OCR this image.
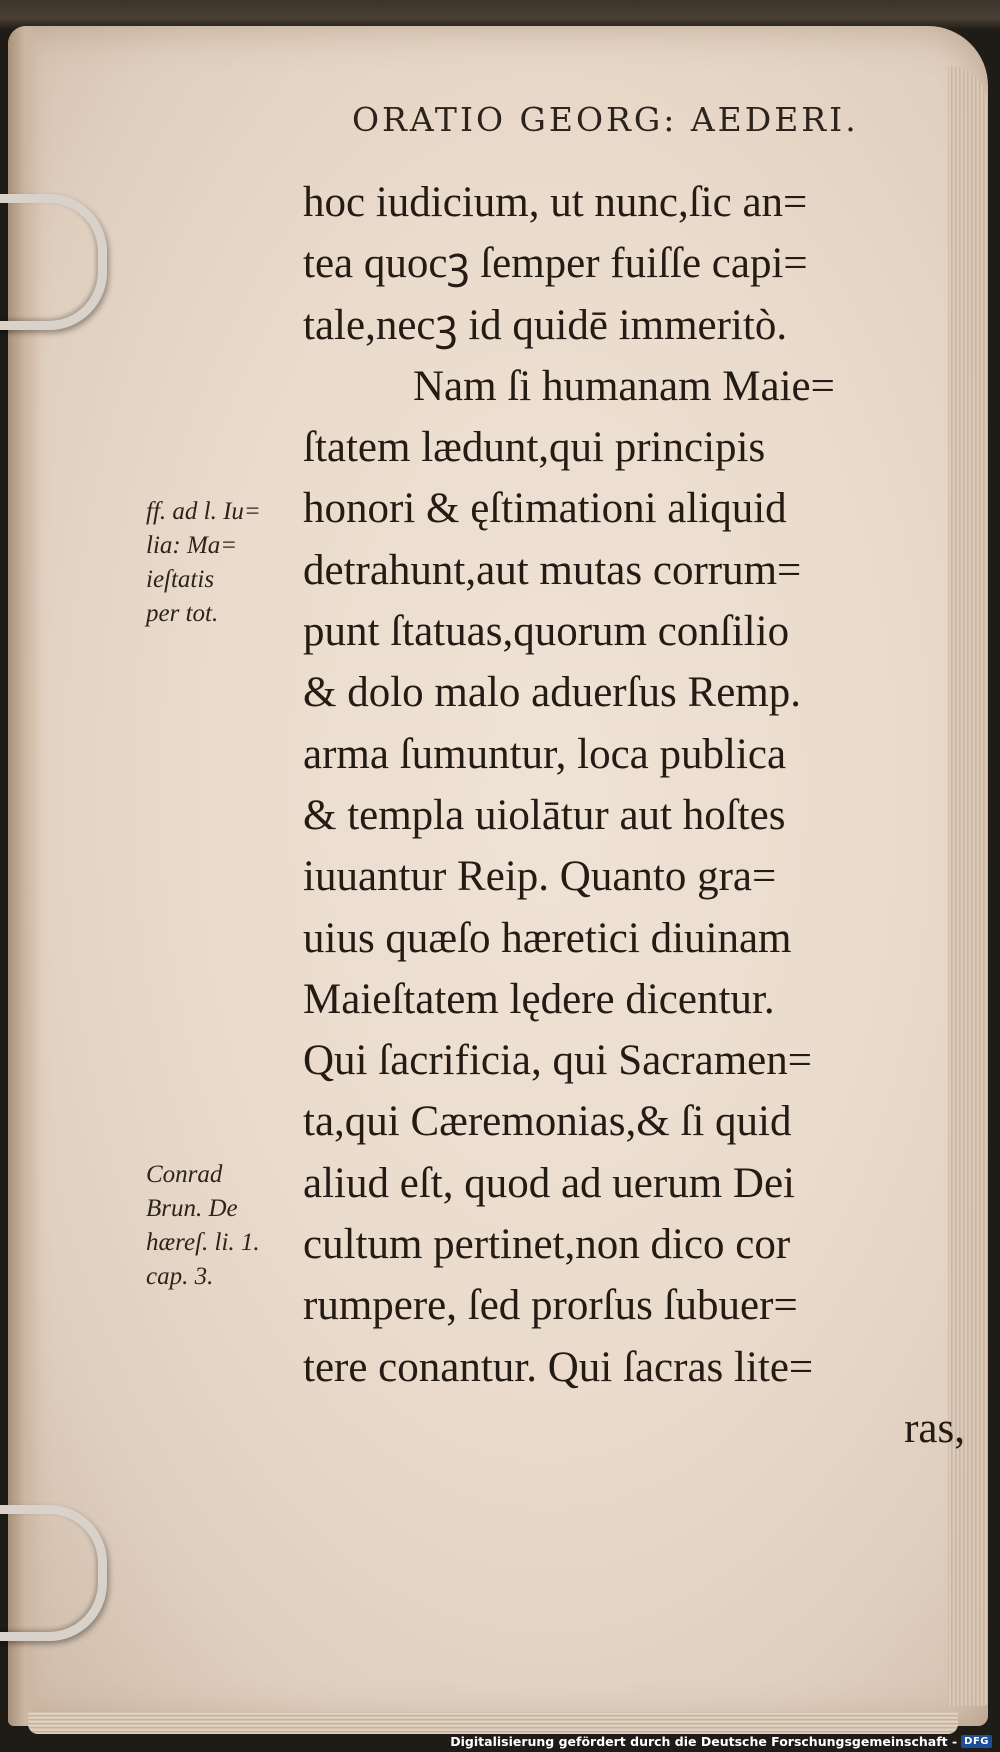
ORATIO GEORG: AEDERI.
hoc iudicium, ut nunc,ſic an=
tea quocꝫ ſemper fuiſſe capi=
tale,necꝫ id quidē immeritò.
Nam ſi humanam Maie=
ſtatem lædunt,qui principis
honori & ęſtimationi aliquid
detrahunt,aut mutas corrum=
punt ſtatuas,quorum conſilio
& dolo malo aduerſus Remp.
arma ſumuntur, loca publica
& templa uiolātur aut hoſtes
iuuantur Reip. Quanto gra=
uius quæſo hæretici diuinam
Maieſtatem lędere dicentur.
Qui ſacrificia, qui Sacramen=
ta,qui Cæremonias,& ſi quid
aliud eſt, quod ad uerum Dei
cultum pertinet,non dico cor
rumpere, ſed prorſus ſubuer=
tere conantur. Qui ſacras lite=
ras,
ff. ad l. Iu=
lia: Ma=
ieſtatis
per tot.
Conrad
Brun. De
hæreſ. li. 1.
cap. 3.
Digitalisierung gefördert durch die Deutsche Forschungsgemeinschaft - DFG
